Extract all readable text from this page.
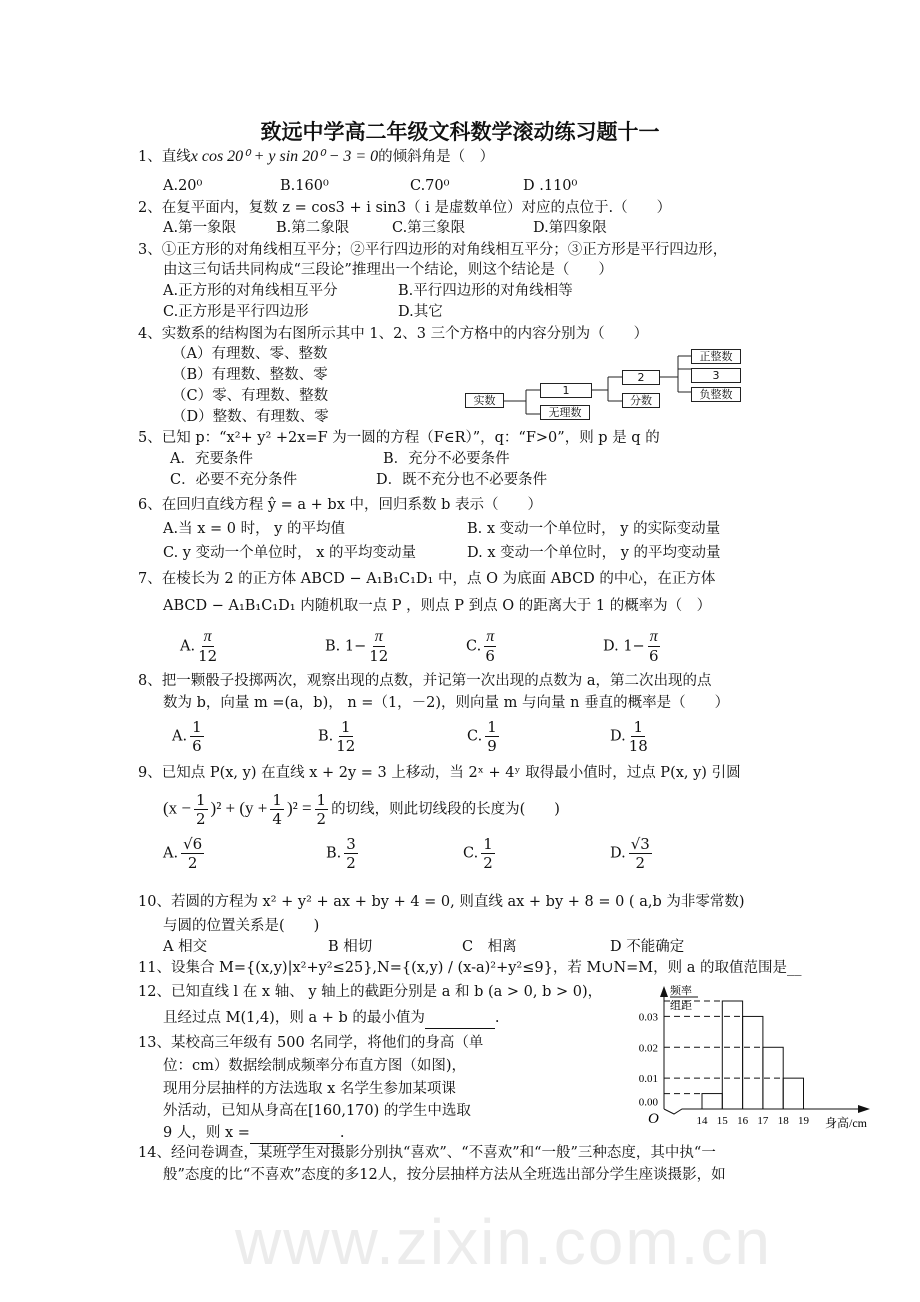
致远中学高二年级文科数学滚动练习题十一
1、直线x cos 20⁰ + y sin 20⁰ − 3 = 0的倾斜角是（　）
A.20⁰	B.160⁰	C.70⁰	D .110⁰
2、在复平面内，复数 z = cos3 + i sin3（ i 是虚数单位）对应的点位于.（　　）
A.第一象限	B.第二象限	C.第三象限	D.第四象限
3、①正方形的对角线相互平分；②平行四边形的对角线相互平分；③正方形是平行四边形，
由这三句话共同构成“三段论”推理出一个结论，则这个结论是（　　）
A.正方形的对角线相互平分	B.平行四边形的对角线相等
C.正方形是平行四边形	D.其它
4、实数系的结构图为右图所示其中 1、2、3 三个方格中的内容分别为（　　）
（A）有理数、零、整数
（B）有理数、整数、零
（C）零、有理数、整数
（D）整数、有理数、零
实数
1
无理数
2
分数
正整数
3
负整数
5、已知 p：“x²+ y² +2x=F 为一圆的方程（F∈R）”，q：“F>0”，则 p 是 q 的
A．充要条件	B．充分不必要条件
C．必要不充分条件	D．既不充分也不必要条件
6、在回归直线方程 ŷ = a + bx 中，回归系数 b 表示（　　）
A.当 x = 0 时， y 的平均值	B. x 变动一个单位时， y 的实际变动量
C. y 变动一个单位时， x 的平均变动量	D. x 变动一个单位时， y 的平均变动量
7、在棱长为 2 的正方体 ABCD − A₁B₁C₁D₁ 中，点 O 为底面 ABCD 的中心，在正方体
ABCD − A₁B₁C₁D₁ 内随机取一点 P ，则点 P 到点 O 的距离大于 1 的概率为（　）
A. $\frac{\pi}{12}$	B. $1- \frac{\pi}{12}$	C. $\frac{\pi}{6}$	D. $1- \frac{\pi}{6}$
8、把一颗骰子投掷两次，观察出现的点数，并记第一次出现的点数为 a，第二次出现的点
数为 b，向量 m =(a，b)， n =（1，－2)，则向量 m 与向量 n 垂直的概率是（　　）
A. $\frac{1}{6}$	B. $\frac{1}{12}$	C. $\frac{1}{9}$	D. $\frac{1}{18}$
9、已知点 P(x, y) 在直线 x + 2y = 3 上移动，当 2ˣ + 4ʸ 取得最小值时，过点 P(x, y) 引圆
$(x - \frac{1}{2} )^2 + (y + \frac{1}{4} )^2 = \frac{1}{2}$ 的切线，则此切线段的长度为(　　)
A. $\frac{√6}{2}$	B. $\frac{3}{2}$	C. $\frac{1}{2}$	D. $\frac{√3}{2}$
10、若圆的方程为 x² + y² + ax + by + 4 = 0, 则直线 ax + by + 8 = 0 ( a,b 为非零常数)
与圆的位置关系是(　　)
A 相交	B 相切	C　相离	D 不能确定
11、设集合 M={(x,y)|x²+y²≤25},N={(x,y) / (x-a)²+y²≤9}，若 M∪N=M，则 a 的取值范围是__
12、已知直线 l 在 x 轴、 y 轴上的截距分别是 a 和 b (a > 0, b > 0)，
且经过点 M(1,4)，则 a + b 的最小值为	.
13、某校高三年级有 500 名同学，将他们的身高（单
位：cm）数据绘制成频率分布直方图（如图)，
现用分层抽样的方法选取 x 名学生参加某项课
外活动，已知从身高在[160,170) 的学生中选取
9 人，则 x =	.
14、经问卷调查，某班学生对摄影分别执“喜欢”、“不喜欢”和“一般”三种态度，其中执“一
般”态度的比“不喜欢”态度的多12人，按分层抽样方法从全班选出部分学生座谈摄影，如
www.zixin.com.cn
0.00
0.01
0.02
0.03
14 15 16 17 18 19
O	身高/cm
频率
组距
